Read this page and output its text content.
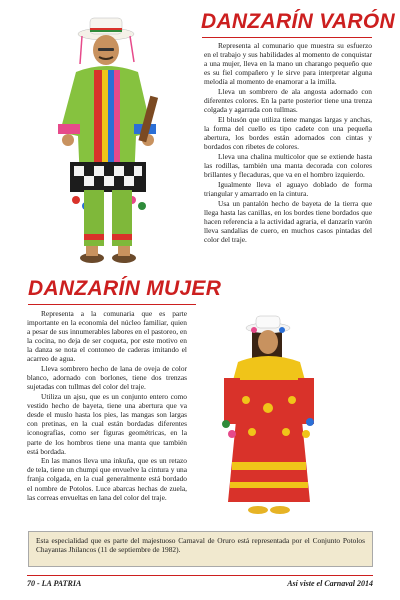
DANZARÍN VARÓN

Representa al comunario que muestra su esfuerzo en el trabajo y sus habilidades al momento de conquistar a una mujer, lleva en la mano un charango pequeño que es su fiel compañero y le sirve para interpretar alguna melodía al momento de enamorar a la imilla.

Lleva un sombrero de ala angosta adornado con diferentes colores. En la parte posterior tiene una trenza colgada y agarrada con tullmas.

El blusón que utiliza tiene mangas largas y anchas, la forma del cuello es tipo cadete con una pequeña abertura, los bordes están adornados con cintas y bordados con ribetes de colores.

Lleva una chalina multicolor que se extiende hasta las rodillas, también una manta decorada con colores brillantes y flecaduras, que va en el hombro izquierdo.

Igualmente lleva el aguayo doblado de forma triangular y amarrado en la cintura.

Usa un pantalón hecho de bayeta de la tierra que llega hasta las canillas, en los bordes tiene bordados que hacen referencia a la actividad agraria, el danzarín varón lleva sandalias de cuero, en muchos casos pintadas del color del traje.

DANZARÍN MUJER

Representa a la comunaria que es parte importante en la economía del núcleo familiar, quien a pesar de sus innumerables labores en el pastoreo, en la cocina, no deja de ser coqueta, por este motivo en la danza se nota el contoneo de caderas imitando el acarreo de agua.

Lleva sombrero hecho de lana de oveja de color blanco, adornado con borlones, tiene dos trenzas sujetadas con tullmas del color del traje.

Utiliza un ajsu, que es un conjunto entero como vestido hecho de bayeta, tiene una abertura que va desde el muslo hasta los pies, las mangas son largas con pretinas, en la cual están bordadas diferentes iconografías, como ser figuras geométricas, en la parte de los hombros tiene una manta que también está bordada.

En las manos lleva una inkuña, que es un retazo de tela, tiene un chumpi que envuelve la cintura y una franja colgada, en la cual generalmente está bordado el nombre de Potolos. Luce abarcas hechas de zuela, las correas envueltas en lana del color del traje.

Esta especialidad que es parte del majestuoso Carnaval de Oruro está representada por el Conjunto Potolos Chayantas Jhilancos (11 de septiembre de 1982).
70 - LA PATRIA	Así viste el Carnaval 2014
